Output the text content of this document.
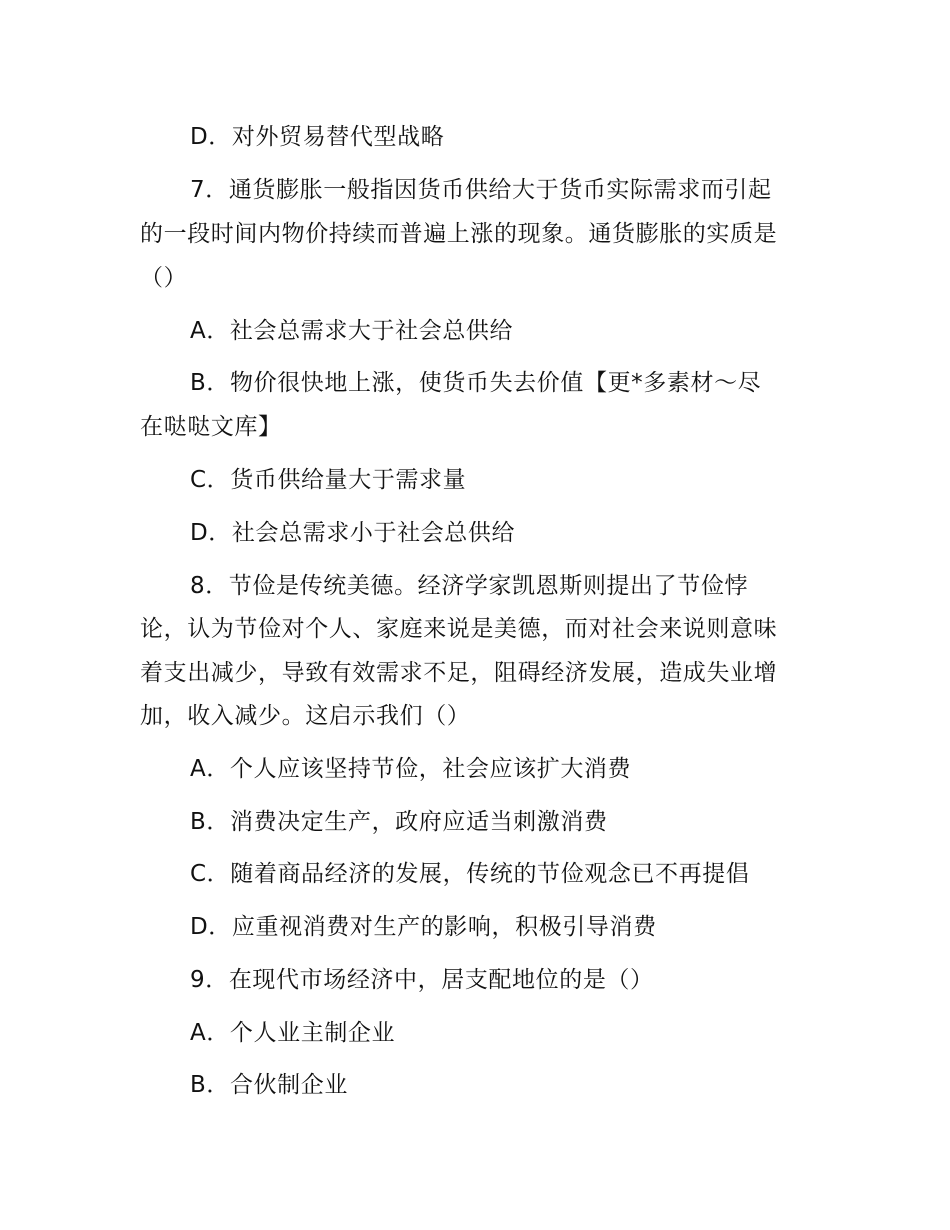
D．对外贸易替代型战略
7．通货膨胀一般指因货币供给大于货币实际需求而引起
的一段时间内物价持续而普遍上涨的现象。通货膨胀的实质是
（）
A．社会总需求大于社会总供给
B．物价很快地上涨，使货币失去价值【更*多素材～尽
在哒哒文库】
C．货币供给量大于需求量
D．社会总需求小于社会总供给
8．节俭是传统美德。经济学家凯恩斯则提出了节俭悖
论，认为节俭对个人、家庭来说是美德，而对社会来说则意味
着支出减少，导致有效需求不足，阻碍经济发展，造成失业增
加，收入减少。这启示我们（）
A．个人应该坚持节俭，社会应该扩大消费
B．消费决定生产，政府应适当刺激消费
C．随着商品经济的发展，传统的节俭观念已不再提倡
D．应重视消费对生产的影响，积极引导消费
9．在现代市场经济中，居支配地位的是（）
A．个人业主制企业
B．合伙制企业
